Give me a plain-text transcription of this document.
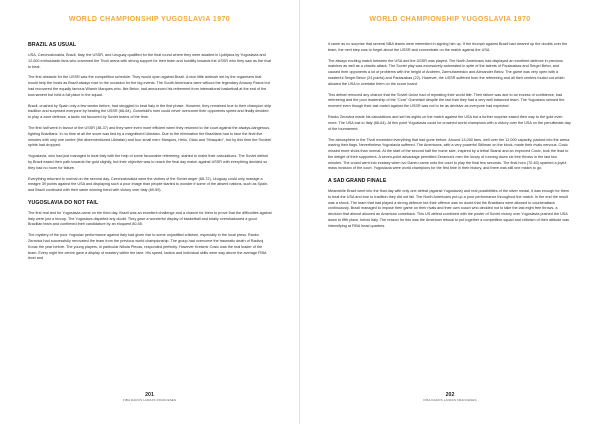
WORLD CHAMPIONSHIP YUGOSLAVIA 1970
BRAZIL AS USUAL

USA, Czechoslovakia, Brazil, Italy, the USSR, and Uruguay qualified for the final round where they were awaited in Ljubljana by Yugoslavia and 12,000 enthusiastic fans who crammed the Tivoli arena with strong support for their team and hostility towards the USSR who they saw as the rival to beat.

The first obstacle for the USSR was the competition schedule. They would open against Brazil. A nice little ambush set by the organisers that would help the hosts as Brazil always rose to the occasion for the big events. The South Americans were without the legendary Amaury Pasos but had recovered the equally famous Wlamir Marques who, like Belov, had announced his retirement from international basketball at the end of the tournament but held a full place in the squad.

Brazil, crushed by Spain only a few weeks before, had struggled to beat Italy in the first phase. However, they remained true to their champion ship tradition and surprised everyone by beating the USSR (66-64). Gomelskii's men could never overcome their opponents speed and finally decided to play a zone defence, a tactic not favoured by Soviet teams of the time.

The first half went in favour of the USSR (38-37) and they were even more efficient when they returned to the court against the always-dangerous, fighting Brazilians. In no time at all the score was tied by a magnificent Ubiratan. Due to the elimination the Brazilians had to face the final five minutes with only one centre (the aforementioned Ubiratan) and four small men: Marques, Helio, Olaio and "Mosquito", but by this time the Soviets' spirits had dropped.

Yugoslavia, who had just managed to beat Italy with the help of some favourable refereeing, started to make their calculations. The Soviet defeat by Brazil eased their path towards the gold slightly, but their objective was to reach the final day match against USSR with everything decided so they had no room for failure.

Everything returned to normal on the second day. Czechoslovakia were the victims of the Soviet anger (86-72), Uruguay could only manage a meagre 39 points against the USA and displaying such a poor image than people started to wonder if some of the absent nations, such as Spain, and Brazil continued with their same winning trend with victory over Italy (69-59).

YUGOSLAVIA DO NOT FAIL

The first real test for Yugoslavia came on the third day. Brazil was an excellent challenge and a chance for them to prove that the difficulties against Italy were just a hiccup. The Yugoslavs dispelled any doubt. They gave a wonderful display of basketball and totally overshadowed a good Brazilian team and confirmed their candidature by an eloquent 80-55.

The mystery of the poor Yugoslav performance against Italy had given rise to some unjustified criticism, especially in the local press. Ranko Zeravica had successfully renovated the team from the previous world championship. The group had overcome the traumatic death of Radivoj Korac the year before. The young players, in particular Nikola Plecas, responded perfectly. However Kresimir Cosic was the real leader of the team. Every night the centre gave a display of mastery within the lane. His speed, tactics and individual skills were way above the average FIBA level and

201
FIBA DADOS LANZAS FRANCESES
WORLD CHAMPIONSHIP YUGOSLAVIA 1970

it came as no surprise that several NBA teams were interested in signing him up. If the triumph against Brazil had cleared up the doubts over the team, the next step was to forget about the USSR and concentrate on the match against the USA.

The always exciting match between the USA and the USSR was played. The North Americans had displayed an excellent defence in previous matches as well as a chaotic attack. The Soviet play was excessively automated in spite of the talents of Paulauskas and Sergei Belov, and caused their opponents a lot of problems with the height of Andreev, Zarmuhamedov and Alexander Belov. The game was very open with a masterful Sergei Belov (24 points) and Paulauskas (22). However, the USSR suffered from the refereeing and all their centres fouled out which allowed the USA to overtake them on the score board.

This defeat removed any chance that the Soviet Union had of repeating their world title. Their failure was due to an excess of confidence, bad refereeing and the poor leadership of the "Czar" Gomelskii despite the fact that they had a very well balanced team. The Yugoslavs sensed the moment even though their last match against the USSR was not to be as decisive as everyone had expected.

Ranko Zeravica made his calculations and set his sights on the match against the USA but a further surprise eased their way to the gold even more. The USA lost to Italy (66-64). At this point Yugoslavia could be crowned world champions with a victory over the USA on the penultimate day of the tournament.

The atmosphere in the Tivoli exceeded everything that had gone before. Around 14,000 fans, well over the 12,000 capacity, packed into the arena waving their flags. Nevertheless Yugoslavia suffered. The Americans, with a very powerful Stillman on the block, made their rivals nervous. Cosic missed more shots than normal. At the start of the second half the home side, inspired by a lethal Skansi and an improved Cosic, took the lead to the delight of their supporters. A seven-point advantage permitted Zeravica's men the luxury of running down six free throws in the last two minutes. The crowd went into ecstasy when Ivo Daneu came onto the court to play the final few seconds. The final horn (70-63) sparked a joyful mass invasion of the court. Yugoslavia were world champions for the first time in their history, and there was still one match to go.

A SAD GRAND FINALE

Meanwhile Brazil went into the final day with only one defeat (against Yugoslavia) and real possibilities of the silver medal, it was enough for them to beat the USA and true to tradition they did not fail. The North Americans put up a poor performance throughout the match. In the end the result was a shock. The team that had played a strong defence but their offence was no doubt that the Brazilians were allowed to counterattack continuously. Brazil managed to impose their game on their rivals and their own coach who decided not to take the last eight free throws, a decision that almost allowed an American comeback. This US defeat combined with the poster of Soviet victory over Yugoslavia pushed the USA down to fifth place, below Italy. The reason for this was the American refusal to put together a competitive squad and criticism of their attitude was intensifying at FIBA head quarters.

202
FIBA DADOS LANZAS FRANCESES
